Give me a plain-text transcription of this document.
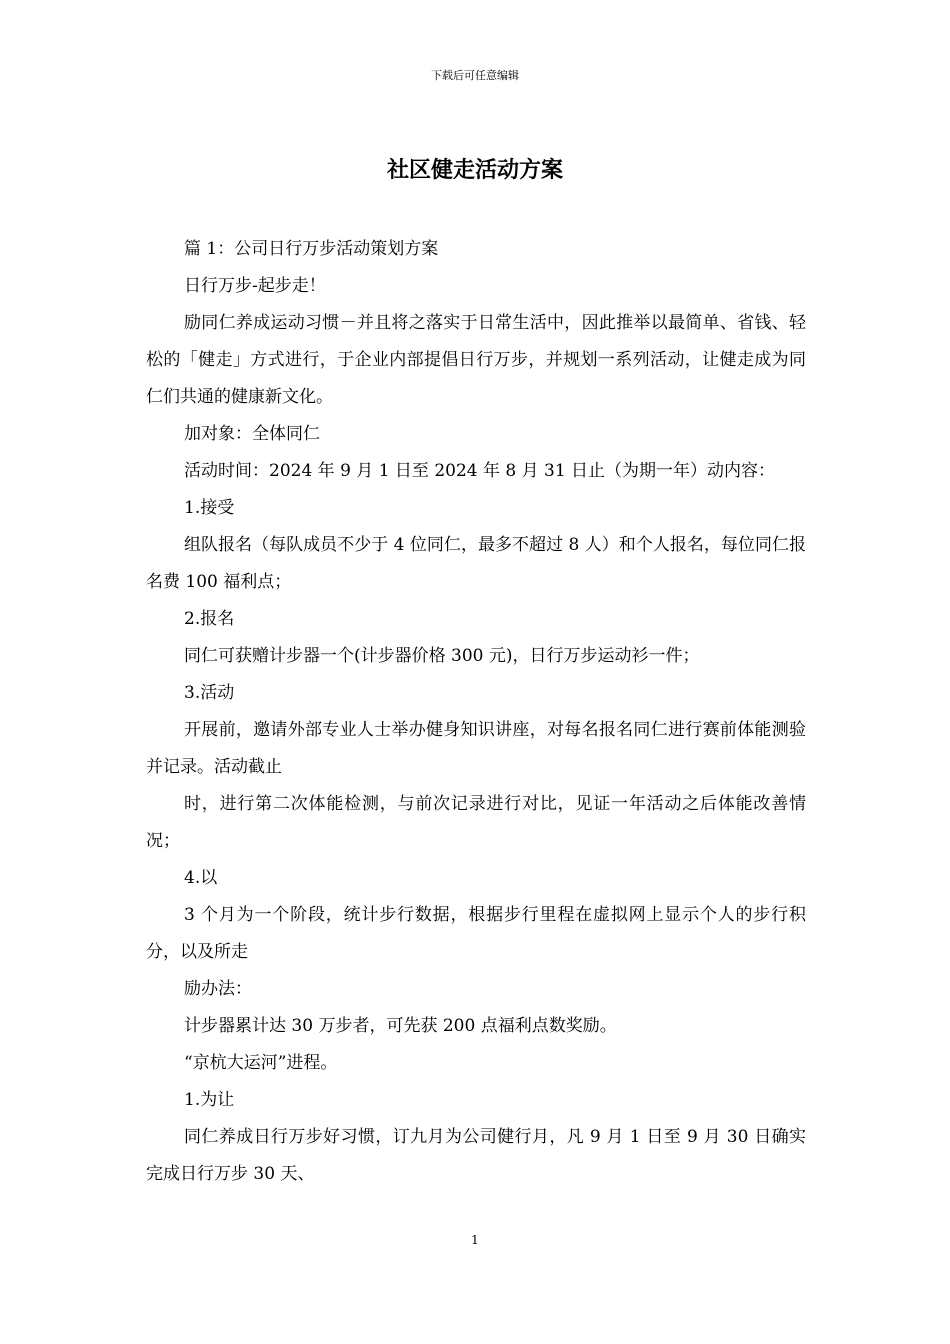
下载后可任意编辑
社区健走活动方案

篇 1：公司日行万步活动策划方案

日行万步-起步走！

励同仁养成运动习惯－并且将之落实于日常生活中，因此推举以最简单、省钱、轻松的「健走」方式进行，于企业内部提倡日行万步，并规划一系列活动，让健走成为同仁们共通的健康新文化。

加对象：全体同仁

活动时间：2024 年 9 月 1 日至 2024 年 8 月 31 日止（为期一年）动内容：

1.接受

组队报名（每队成员不少于 4 位同仁，最多不超过 8 人）和个人报名，每位同仁报名费 100 福利点；

2.报名

同仁可获赠计步器一个(计步器价格 300 元)，日行万步运动衫一件；

3.活动

开展前，邀请外部专业人士举办健身知识讲座，对每名报名同仁进行赛前体能测验并记录。活动截止

时，进行第二次体能检测，与前次记录进行对比，见证一年活动之后体能改善情况；

4.以

3 个月为一个阶段，统计步行数据，根据步行里程在虚拟网上显示个人的步行积分，以及所走

励办法：

计步器累计达 30 万步者，可先获 200 点福利点数奖励。

“京杭大运河”进程。

1.为让

同仁养成日行万步好习惯，订九月为公司健行月，凡 9 月 1 日至 9 月 30 日确实完成日行万步 30 天、

1
